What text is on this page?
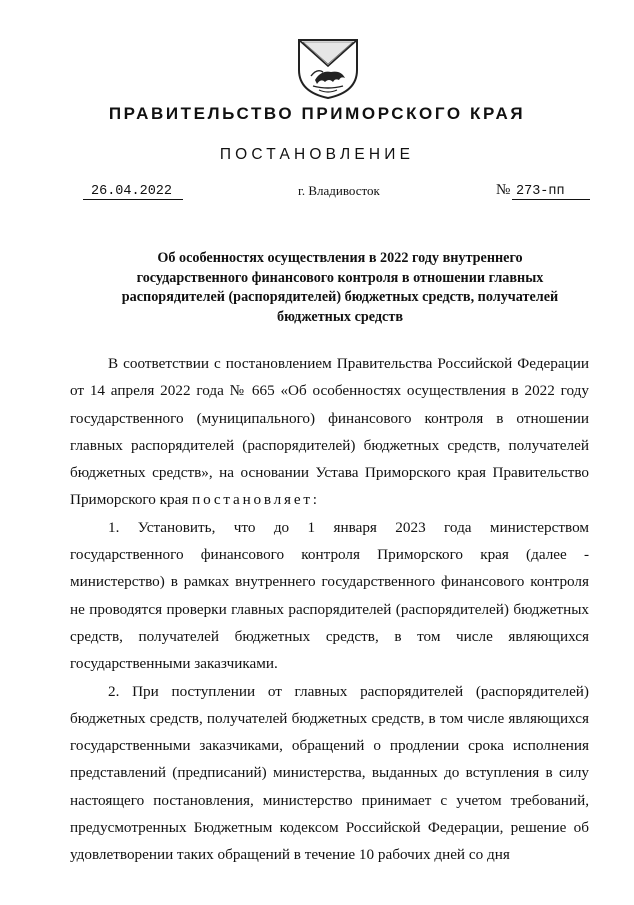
ПРАВИТЕЛЬСТВО ПРИМОРСКОГО КРАЯ
ПОСТАНОВЛЕНИЕ
26.04.2022	г. Владивосток	№ 273-пп
Об особенностях осуществления в 2022 году внутреннего государственного финансового контроля в отношении главных распорядителей (распорядителей) бюджетных средств, получателей бюджетных средств

В соответствии с постановлением Правительства Российской Федерации от 14 апреля 2022 года № 665 «Об особенностях осуществления в 2022 году государственного (муниципального) финансового контроля в отношении главных распорядителей (распорядителей) бюджетных средств, получателей бюджетных средств», на основании Устава Приморского края Правительство Приморского края постановляет:

1. Установить, что до 1 января 2023 года министерством государственного финансового контроля Приморского края (далее - министерство) в рамках внутреннего государственного финансового контроля не проводятся проверки главных распорядителей (распорядителей) бюджетных средств, получателей бюджетных средств, в том числе являющихся государственными заказчиками.

2. При поступлении от главных распорядителей (распорядителей) бюджетных средств, получателей бюджетных средств, в том числе являющихся государственными заказчиками, обращений о продлении срока исполнения представлений (предписаний) министерства, выданных до вступления в силу настоящего постановления, министерство принимает с учетом требований, предусмотренных Бюджетным кодексом Российской Федерации, решение об удовлетворении таких обращений в течение 10 рабочих дней со дня
